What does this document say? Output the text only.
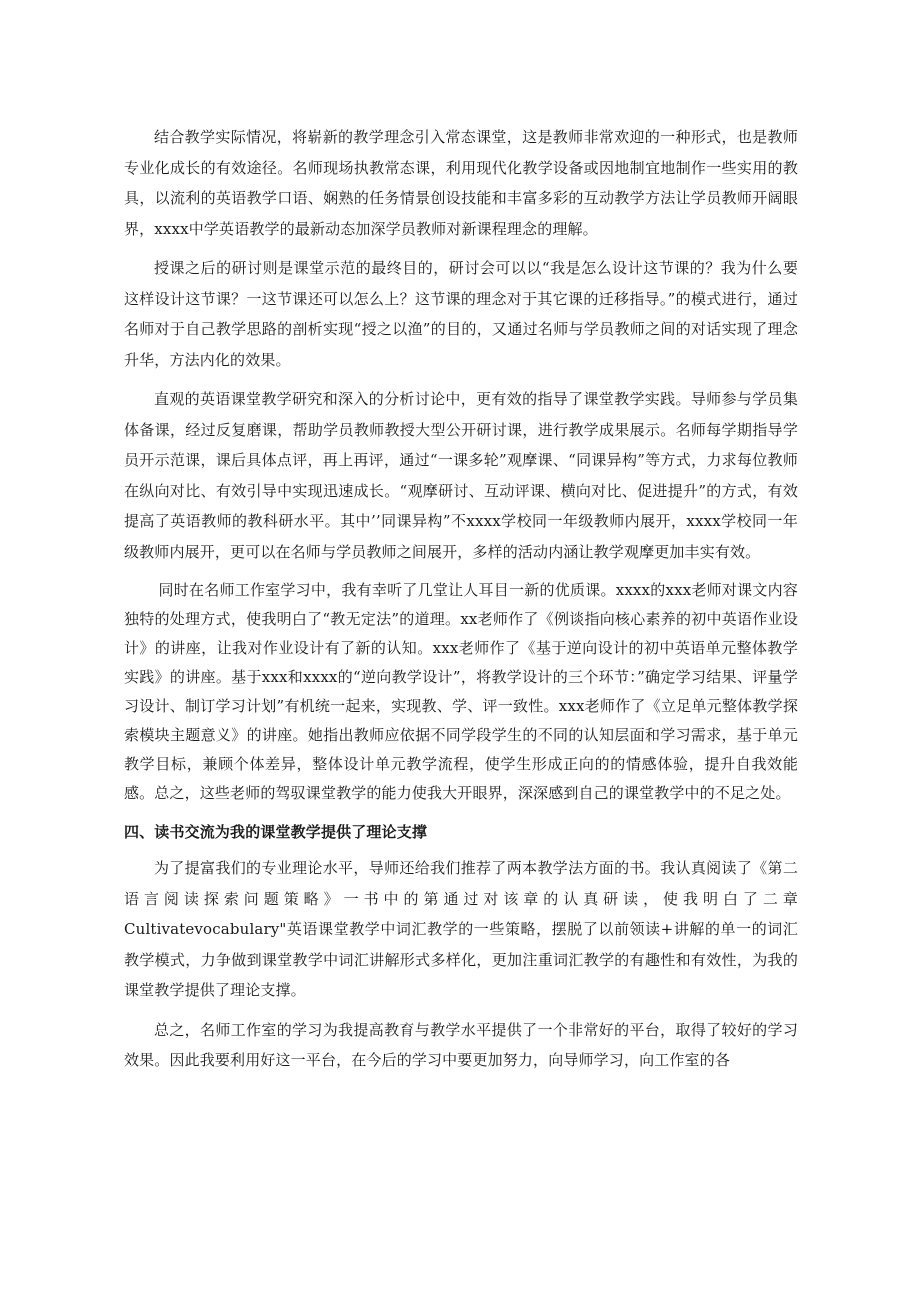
结合教学实际情况，将崭新的教学理念引入常态课堂，这是教师非常欢迎的一种形式，也是教师专业化成长的有效途径。名师现场执教常态课，利用现代化教学设备或因地制宜地制作一些实用的教具，以流利的英语教学口语、娴熟的任务情景创设技能和丰富多彩的互动教学方法让学员教师开阔眼界，xxxx中学英语教学的最新动态加深学员教师对新课程理念的理解。

授课之后的研讨则是课堂示范的最终目的，研讨会可以以“我是怎么设计这节课的？我为什么要这样设计这节课？一这节课还可以怎么上？这节课的理念对于其它课的迁移指导。”的模式进行，通过名师对于自己教学思路的剖析实现“授之以渔”的目的，又通过名师与学员教师之间的对话实现了理念升华，方法内化的效果。

直观的英语课堂教学研究和深入的分析讨论中，更有效的指导了课堂教学实践。导师参与学员集体备课，经过反复磨课，帮助学员教师教授大型公开研讨课，进行教学成果展示。名师每学期指导学员开示范课，课后具体点评，再上再评，通过“一课多轮”观摩课、“同课异构”等方式，力求每位教师在纵向对比、有效引导中实现迅速成长。“观摩研讨、互动评课、横向对比、促进提升”的方式，有效提高了英语教师的教科研水平。其中’’同课异构”不xxxx学校同一年级教师内展开，xxxx学校同一年级教师内展开，更可以在名师与学员教师之间展开，多样的活动内涵让教学观摩更加丰实有效。

同时在名师工作室学习中，我有幸听了几堂让人耳目一新的优质课。xxxx的xxx老师对课文内容独特的处理方式，使我明白了“教无定法”的道理。xx老师作了《例谈指向核心素养的初中英语作业设计》的讲座，让我对作业设计有了新的认知。xxx老师作了《基于逆向设计的初中英语单元整体教学实践》的讲座。基于xxx和xxxx的“逆向教学设计”，将教学设计的三个环节：”确定学习结果、评量学习设计、制订学习计划”有机统一起来，实现教、学、评一致性。xxx老师作了《立足单元整体教学探索模块主题意义》的讲座。她指出教师应依据不同学段学生的不同的认知层面和学习需求，基于单元教学目标，兼顾个体差异，整体设计单元教学流程，使学生形成正向的的情感体验，提升自我效能感。总之，这些老师的驾驭课堂教学的能力使我大开眼界，深深感到自己的课堂教学中的不足之处。

四、读书交流为我的课堂教学提供了理论支撑

为了提富我们的专业理论水平，导师还给我们推荐了两本教学法方面的书。我认真阅读了《第二语言阅读探索问题策略》一书中的第通过对该章的认真研读，使我明白了二章Cultivatevocabulary"英语课堂教学中词汇教学的一些策略，摆脱了以前领读+讲解的单一的词汇教学模式，力争做到课堂教学中词汇讲解形式多样化，更加注重词汇教学的有趣性和有效性，为我的课堂教学提供了理论支撑。

总之，名师工作室的学习为我提高教育与教学水平提供了一个非常好的平台，取得了较好的学习效果。因此我要利用好这一平台，在今后的学习中要更加努力，向导师学习，向工作室的各
